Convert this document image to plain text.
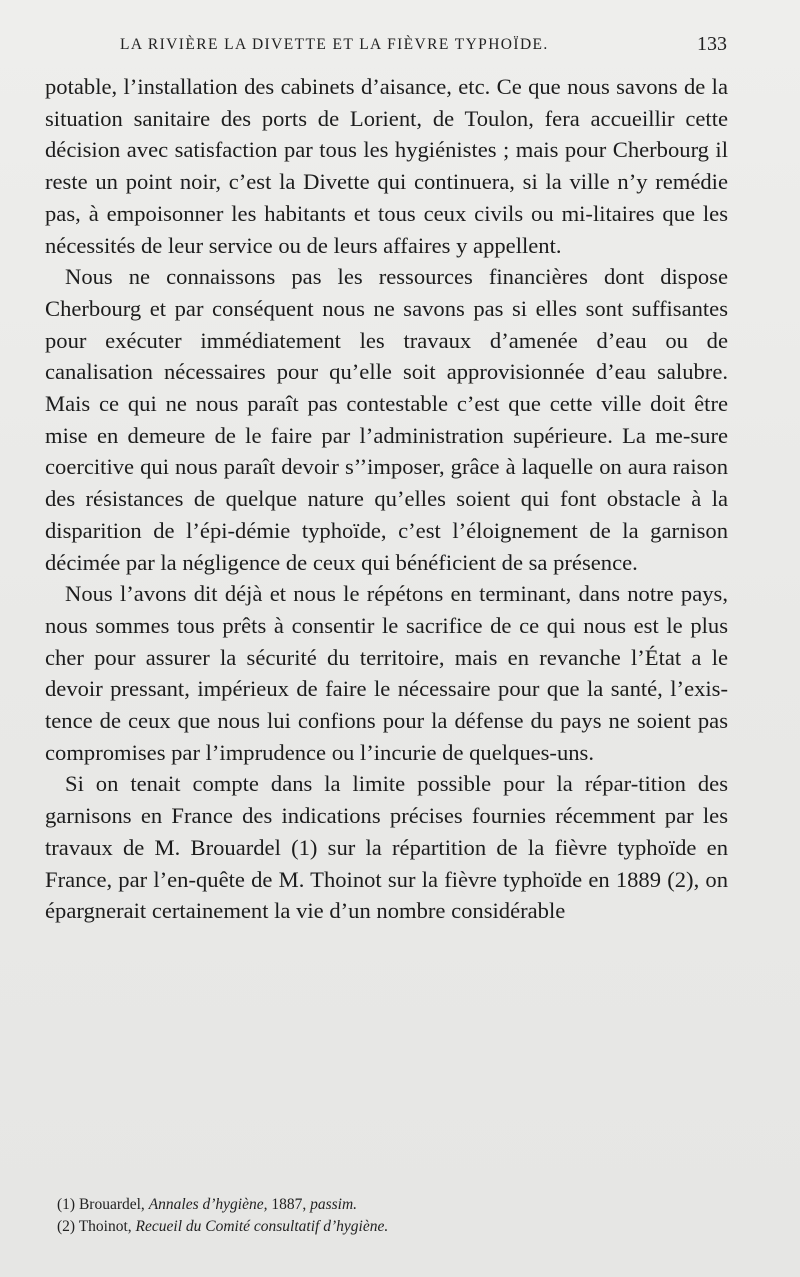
LA RIVIÈRE LA DIVETTE ET LA FIÈVRE TYPHOÏDE.	133

potable, l’installation des cabinets d’aisance, etc. Ce que nous savons de la situation sanitaire des ports de Lorient, de Toulon, fera accueillir cette décision avec satisfaction par tous les hygiénistes ; mais pour Cherbourg il reste un point noir, c’est la Divette qui continuera, si la ville n’y remédie pas, à empoisonner les habitants et tous ceux civils ou mi-litaires que les nécessités de leur service ou de leurs affaires y appellent.

Nous ne connaissons pas les ressources financières dont dispose Cherbourg et par conséquent nous ne savons pas si elles sont suffisantes pour exécuter immédiatement les travaux d’amenée d’eau ou de canalisation nécessaires pour qu’elle soit approvisionnée d’eau salubre. Mais ce qui ne nous paraît pas contestable c’est que cette ville doit être mise en demeure de le faire par l’administration supérieure. La me-sure coercitive qui nous paraît devoir s’’imposer, grâce à laquelle on aura raison des résistances de quelque nature qu’elles soient qui font obstacle à la disparition de l’épi-démie typhoïde, c’est l’éloignement de la garnison décimée par la négligence de ceux qui bénéficient de sa présence.

Nous l’avons dit déjà et nous le répétons en terminant, dans notre pays, nous sommes tous prêts à consentir le sacrifice de ce qui nous est le plus cher pour assurer la sécurité du territoire, mais en revanche l’État a le devoir pressant, impérieux de faire le nécessaire pour que la santé, l’exis-tence de ceux que nous lui confions pour la défense du pays ne soient pas compromises par l’imprudence ou l’incurie de quelques-uns.

Si on tenait compte dans la limite possible pour la répar-tition des garnisons en France des indications précises fournies récemment par les travaux de M. Brouardel (1) sur la répartition de la fièvre typhoïde en France, par l’en-quête de M. Thoinot sur la fièvre typhoïde en 1889 (2), on épargnerait certainement la vie d’un nombre considérable

(1) Brouardel, Annales d’hygiène, 1887, passim.
(2) Thoinot, Recueil du Comité consultatif d’hygiène.
